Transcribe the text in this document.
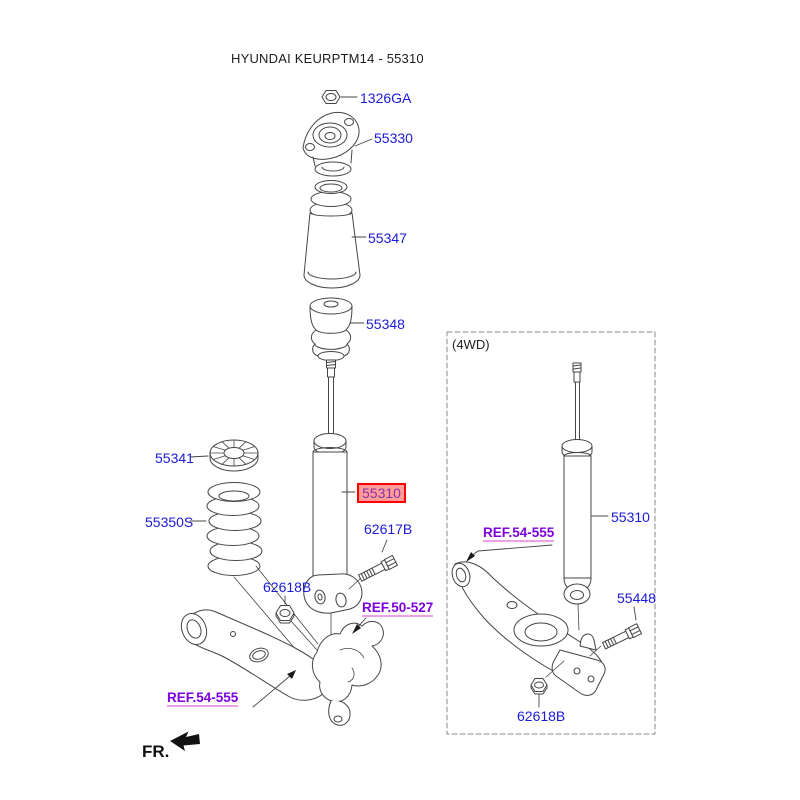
HYUNDAI KEURPTM14 - 55310
1326GA
55330
55347
55348
55341
55350S
55310
62617B
62618B
REF.50-527
REF.54-555
(4WD)
55310
REF.54-555
55448
62618B
FR.
